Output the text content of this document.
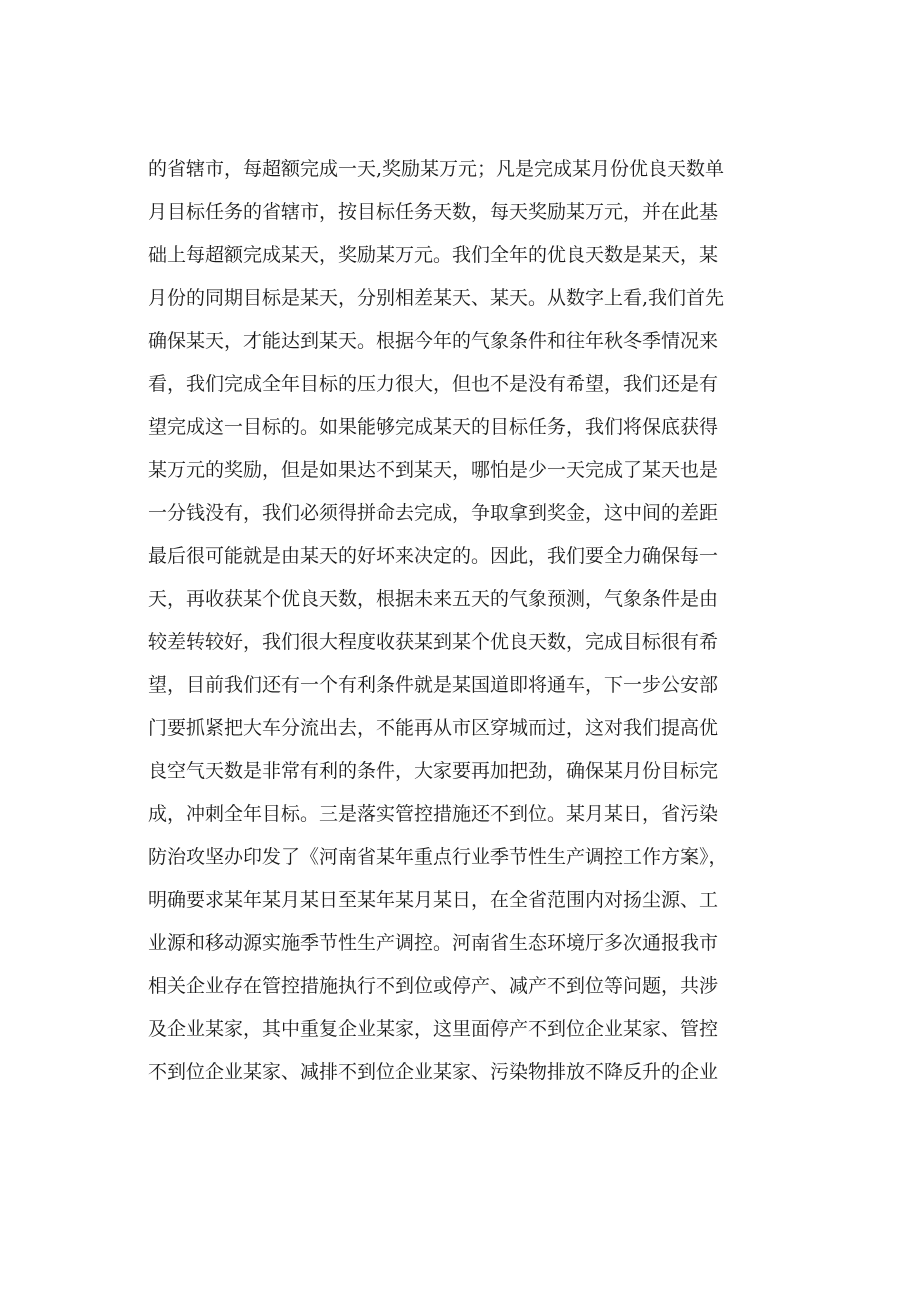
的省辖市，每超额完成一天,奖励某万元；凡是完成某月份优良天数单
月目标任务的省辖市，按目标任务天数，每天奖励某万元，并在此基
础上每超额完成某天，奖励某万元。我们全年的优良天数是某天，某
月份的同期目标是某天，分别相差某天、某天。从数字上看,我们首先
确保某天，才能达到某天。根据今年的气象条件和往年秋冬季情况来
看，我们完成全年目标的压力很大，但也不是没有希望，我们还是有
望完成这一目标的。如果能够完成某天的目标任务，我们将保底获得
某万元的奖励，但是如果达不到某天，哪怕是少一天完成了某天也是
一分钱没有，我们必须得拼命去完成，争取拿到奖金，这中间的差距
最后很可能就是由某天的好坏来决定的。因此，我们要全力确保每一
天，再收获某个优良天数，根据未来五天的气象预测，气象条件是由
较差转较好，我们很大程度收获某到某个优良天数，完成目标很有希
望，目前我们还有一个有利条件就是某国道即将通车，下一步公安部
门要抓紧把大车分流出去，不能再从市区穿城而过，这对我们提高优
良空气天数是非常有利的条件，大家要再加把劲，确保某月份目标完
成，冲刺全年目标。三是落实管控措施还不到位。某月某日，省污染
防治攻坚办印发了《河南省某年重点行业季节性生产调控工作方案》，
明确要求某年某月某日至某年某月某日，在全省范围内对扬尘源、工
业源和移动源实施季节性生产调控。河南省生态环境厅多次通报我市
相关企业存在管控措施执行不到位或停产、减产不到位等问题，共涉
及企业某家，其中重复企业某家，这里面停产不到位企业某家、管控
不到位企业某家、减排不到位企业某家、污染物排放不降反升的企业
